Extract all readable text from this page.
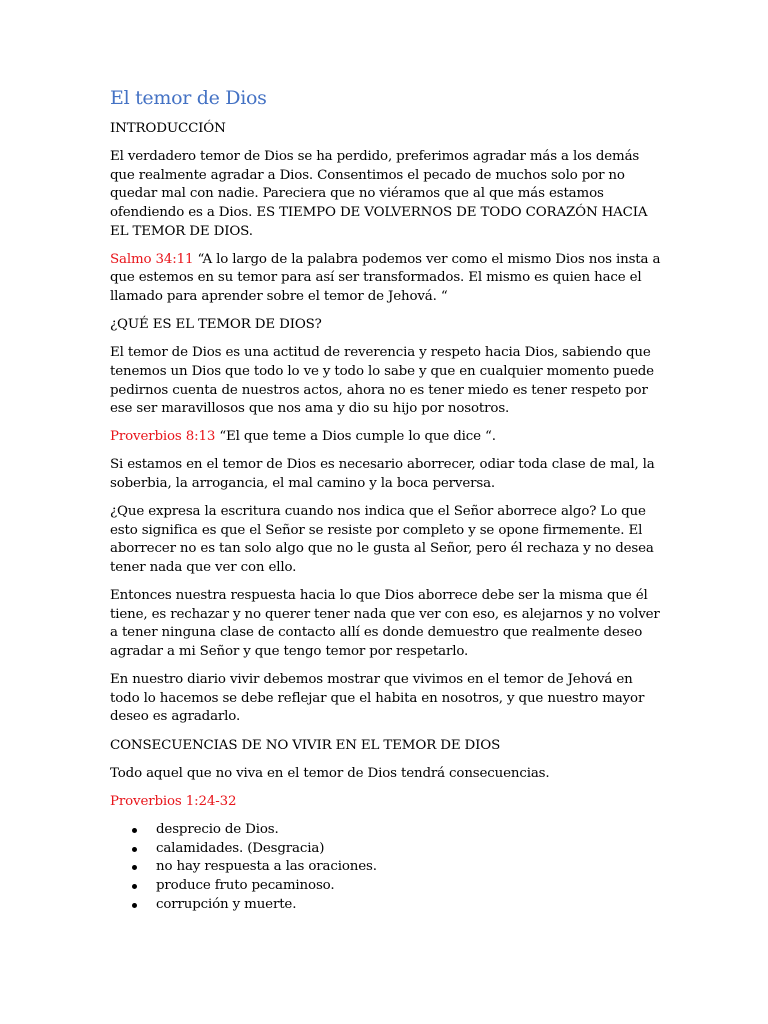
El temor de Dios

INTRODUCCIÓN

El verdadero temor de Dios se ha perdido, preferimos agradar más a los demás que realmente agradar a Dios. Consentimos el pecado de muchos solo por no quedar mal con nadie. Pareciera que no viéramos que al que más estamos ofendiendo es a Dios. ES TIEMPO DE VOLVERNOS DE TODO CORAZÓN HACIA EL TEMOR DE DIOS.

Salmo 34:11 “A lo largo de la palabra podemos ver como el mismo Dios nos insta a que estemos en su temor para así ser transformados. El mismo es quien hace el llamado para aprender sobre el temor de Jehová. “

¿QUÉ ES EL TEMOR DE DIOS?

El temor de Dios es una actitud de reverencia y respeto hacia Dios, sabiendo que tenemos un Dios que todo lo ve y todo lo sabe y que en cualquier momento puede pedirnos cuenta de nuestros actos, ahora no es tener miedo es tener respeto por ese ser maravillosos que nos ama y dio su hijo por nosotros.

Proverbios 8:13 “El que teme a Dios cumple lo que dice “.

Si estamos en el temor de Dios es necesario aborrecer, odiar toda clase de mal, la soberbia, la arrogancia, el mal camino y la boca perversa.

¿Que expresa la escritura cuando nos indica que el Señor aborrece algo? Lo que esto significa es que el Señor se resiste por completo y se opone firmemente. El aborrecer no es tan solo algo que no le gusta al Señor, pero él rechaza y no desea tener nada que ver con ello.

Entonces nuestra respuesta hacia lo que Dios aborrece debe ser la misma que él tiene, es rechazar y no querer tener nada que ver con eso, es alejarnos y no volver a tener ninguna clase de contacto allí es donde demuestro que realmente deseo agradar a mi Señor y que tengo temor por respetarlo.

En nuestro diario vivir debemos mostrar que vivimos en el temor de Jehová en todo lo hacemos se debe reflejar que el habita en nosotros, y que nuestro mayor deseo es agradarlo.

CONSECUENCIAS DE NO VIVIR EN EL TEMOR DE DIOS

Todo aquel que no viva en el temor de Dios tendrá consecuencias.

Proverbios 1:24-32

desprecio de Dios.
calamidades. (Desgracia)
no hay respuesta a las oraciones.
produce fruto pecaminoso.
corrupción y muerte.
